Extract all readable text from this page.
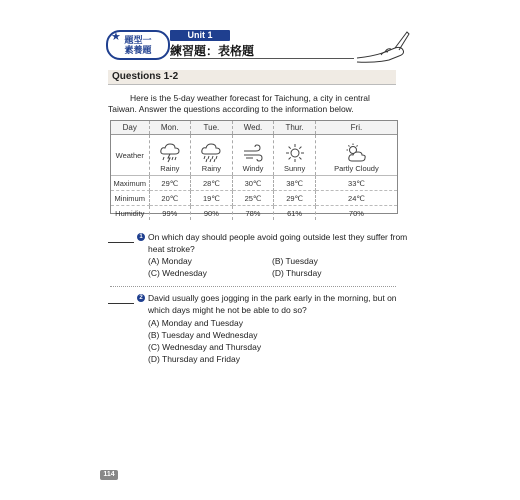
題型一
素養題
★	Unit 1
練習題：表格題
Questions 1-2
Here is the 5-day weather forecast for Taichung, a city in central Taiwan. Answer the questions according to the information below.
Day	Mon.	Tue.	Wed.	Thur.	Fri.
Weather	Rainy	Rainy	Windy	Sunny	Partly Cloudy

Maximum	29℃	28℃	30℃	38℃	33℃
Minimum	20℃	19℃	25℃	29℃	24℃
Humidity	99%	90%	78%	61%	70%
1 On which day should people avoid going outside lest they suffer from
heat stroke?
(A) Monday	(B) Tuesday
(C) Wednesday	(D) Thursday
2 David usually goes jogging in the park early in the morning, but on
which days might he not be able to do so?
(A) Monday and Tuesday
(B) Tuesday and Wednesday
(C) Wednesday and Thursday
(D) Thursday and Friday
114
